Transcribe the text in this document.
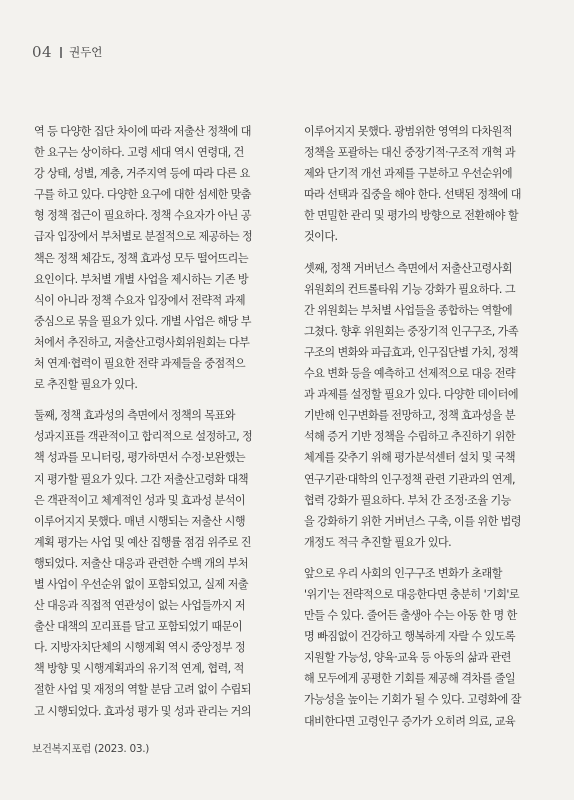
04 권두언
역 등 다양한 집단 차이에 따라 저출산 정책에 대
한 요구는 상이하다. 고령 세대 역시 연령대, 건
강 상태, 성별, 계층, 거주지역 등에 따라 다른 요
구를 하고 있다. 다양한 요구에 대한 섬세한 맞춤
형 정책 접근이 필요하다. 정책 수요자가 아닌 공
급자 입장에서 부처별로 분절적으로 제공하는 정
책은 정책 체감도, 정책 효과성 모두 떨어뜨리는
요인이다. 부처별 개별 사업을 제시하는 기존 방
식이 아니라 정책 수요자 입장에서 전략적 과제
중심으로 묶을 필요가 있다. 개별 사업은 해당 부
처에서 추진하고, 저출산고령사회위원회는 다부
처 연계·협력이 필요한 전략 과제들을 중점적으
로 추진할 필요가 있다.
둘째, 정책 효과성의 측면에서 정책의 목표와
성과지표를 객관적이고 합리적으로 설정하고, 정
책 성과를 모니터링, 평가하면서 수정·보완했는
지 평가할 필요가 있다. 그간 저출산고령화 대책
은 객관적이고 체계적인 성과 및 효과성 분석이
이루어지지 못했다. 매년 시행되는 저출산 시행
계획 평가는 사업 및 예산 집행률 점검 위주로 진
행되었다. 저출산 대응과 관련한 수백 개의 부처
별 사업이 우선순위 없이 포함되었고, 실제 저출
산 대응과 직접적 연관성이 없는 사업들까지 저
출산 대책의 꼬리표를 달고 포함되었기 때문이
다. 지방자치단체의 시행계획 역시 중앙정부 정
책 방향 및 시행계획과의 유기적 연계, 협력, 적
절한 사업 및 재정의 역할 분담 고려 없이 수립되
고 시행되었다. 효과성 평가 및 성과 관리는 거의
이루어지지 못했다. 광범위한 영역의 다차원적
정책을 포괄하는 대신 중장기적·구조적 개혁 과
제와 단기적 개선 과제를 구분하고 우선순위에
따라 선택과 집중을 해야 한다. 선택된 정책에 대
한 면밀한 관리 및 평가의 방향으로 전환해야 할
것이다.
셋째, 정책 거버넌스 측면에서 저출산고령사회
위원회의 컨트롤타워 기능 강화가 필요하다. 그
간 위원회는 부처별 사업들을 종합하는 역할에
그쳤다. 향후 위원회는 중장기적 인구구조, 가족
구조의 변화와 파급효과, 인구집단별 가치, 정책
수요 변화 등을 예측하고 선제적으로 대응 전략
과 과제를 설정할 필요가 있다. 다양한 데이터에
기반해 인구변화를 전망하고, 정책 효과성을 분
석해 증거 기반 정책을 수립하고 추진하기 위한
체계를 갖추기 위해 평가분석센터 설치 및 국책
연구기관·대학의 인구정책 관련 기관과의 연계,
협력 강화가 필요하다. 부처 간 조정·조율 기능
을 강화하기 위한 거버넌스 구축, 이를 위한 법령
개정도 적극 추진할 필요가 있다.
앞으로 우리 사회의 인구구조 변화가 초래할
'위기'는 전략적으로 대응한다면 충분히 '기회'로
만들 수 있다. 줄어든 출생아 수는 아동 한 명 한
명 빠짐없이 건강하고 행복하게 자랄 수 있도록
지원할 가능성, 양육·교육 등 아동의 삶과 관련
해 모두에게 공평한 기회를 제공해 격차를 줄일
가능성을 높이는 기회가 될 수 있다. 고령화에 잘
대비한다면 고령인구 증가가 오히려 의료, 교육
보건복지포럼 (2023. 03.)
